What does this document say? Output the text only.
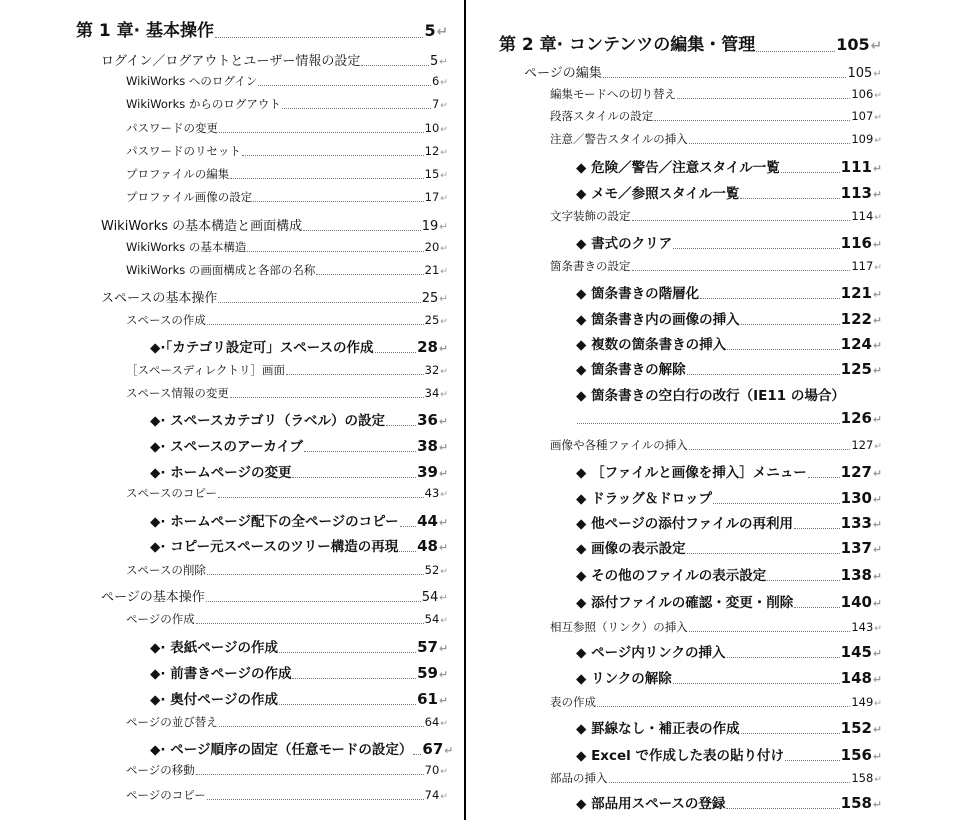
第 1 章· 基本操作	5 ↵
ログイン／ログアウトとユーザー情報の設定	5 ↵
WikiWorks へのログイン	6 ↵
WikiWorks からのログアウト	7 ↵
パスワードの変更	10 ↵
パスワードのリセット	12 ↵
プロファイルの編集	15 ↵
プロファイル画像の設定	17 ↵
WikiWorks の基本構造と画面構成	19 ↵
WikiWorks の基本構造	20 ↵
WikiWorks の画面構成と各部の名称	21 ↵
スペースの基本操作	25 ↵
スペースの作成	25 ↵
◆·「カテゴリ設定可」スペースの作成	28 ↵
［スペースディレクトリ］画面	32 ↵
スペース情報の変更	34 ↵
◆· スペースカテゴリ（ラベル）の設定 36 ↵
◆· スペースのアーカイブ	38 ↵
◆· ホームページの変更	39 ↵
スペースのコピー	43 ↵
◆· ホームページ配下の全ページのコピー 44 ↵
◆· コピー元スペースのツリー構造の再現 48 ↵
スペースの削除	52 ↵
ページの基本操作	54 ↵
ページの作成	54 ↵
◆· 表紙ページの作成	57 ↵
◆· 前書きページの作成	59 ↵
◆· 奥付ページの作成	61 ↵
ページの並び替え	64 ↵
◆· ページ順序の固定（任意モードの設定） 67 ↵
ページの移動	70 ↵
ページのコピー	74 ↵
第 2 章· コンテンツの編集・管理	105 ↵
ページの編集	105 ↵
編集モードへの切り替え	106 ↵
段落スタイルの設定	107 ↵
注意／警告スタイルの挿入	109 ↵
◆ 危険／警告／注意スタイル一覧	111 ↵
◆ メモ／参照スタイル一覧	113 ↵
文字装飾の設定	114 ↵
◆ 書式のクリア	116 ↵
箇条書きの設定	117 ↵
◆ 箇条書きの階層化	121 ↵
◆ 箇条書き内の画像の挿入	122 ↵
◆ 複数の箇条書きの挿入	124 ↵
◆ 箇条書きの解除	125 ↵
◆ 箇条書きの空白行の改行（IE11 の場合）
126 ↵
画像や各種ファイルの挿入	127 ↵
◆ ［ファイルと画像を挿入］メニュー 127 ↵
◆ ドラッグ＆ドロップ	130 ↵
◆ 他ページの添付ファイルの再利用	133 ↵
◆ 画像の表示設定	137 ↵
◆ その他のファイルの表示設定	138 ↵
◆ 添付ファイルの確認・変更・削除	140 ↵
相互参照（リンク）の挿入	143 ↵
◆ ページ内リンクの挿入	145 ↵
◆ リンクの解除	148 ↵
表の作成	149 ↵
◆ 罫線なし・補正表の作成	152 ↵
◆ Excel で作成した表の貼り付け	156 ↵
部品の挿入	158 ↵
◆ 部品用スペースの登録	158 ↵
